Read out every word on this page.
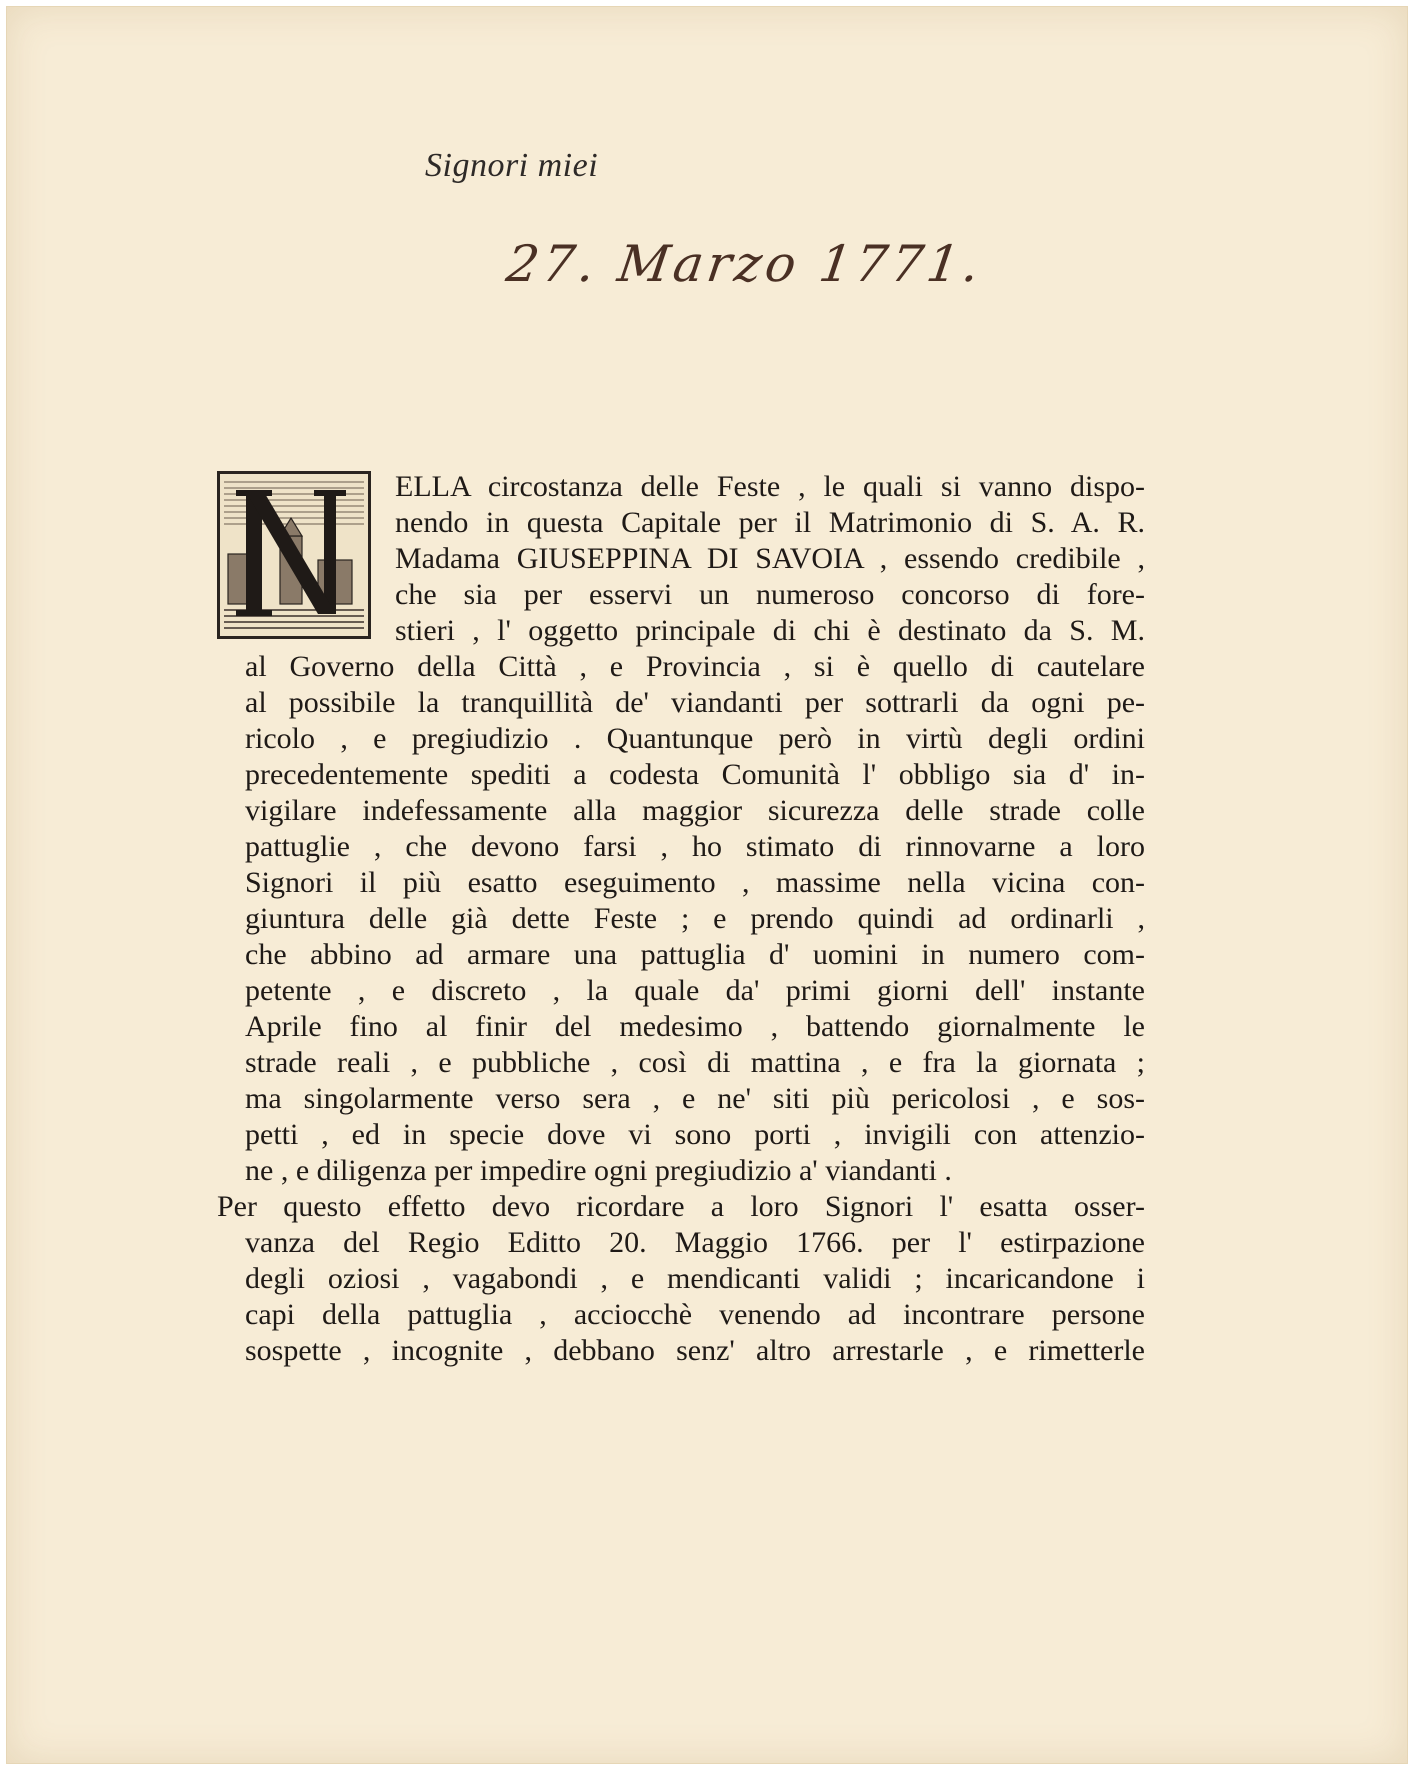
Signori miei
27. Marzo 1771.
ELLA circostanza delle Feste , le quali si vanno dispo-
nendo in questa Capitale per il Matrimonio di S. A. R.
Madama GIUSEPPINA DI SAVOIA , essendo credibile ,
che sia per esservi un numeroso concorso di fore-
stieri , l' oggetto principale di chi è destinato da S. M.
al Governo della Città , e Provincia , si è quello di cautelare
al possibile la tranquillità de' viandanti per sottrarli da ogni pe-
ricolo , e pregiudizio . Quantunque però in virtù degli ordini
precedentemente spediti a codesta Comunità l' obbligo sia d' in-
vigilare indefessamente alla maggior sicurezza delle strade colle
pattuglie , che devono farsi , ho stimato di rinnovarne a loro
Signori il più esatto eseguimento , massime nella vicina con-
giuntura delle già dette Feste ; e prendo quindi ad ordinarli ,
che abbino ad armare una pattuglia d' uomini in numero com-
petente , e discreto , la quale da' primi giorni dell' instante
Aprile fino al finir del medesimo , battendo giornalmente le
strade reali , e pubbliche , così di mattina , e fra la giornata ;
ma singolarmente verso sera , e ne' siti più pericolosi , e sos-
petti , ed in specie dove vi sono porti , invigili con attenzio-
ne , e diligenza per impedire ogni pregiudizio a' viandanti .
Per questo effetto devo ricordare a loro Signori l' esatta osser-
vanza del Regio Editto 20. Maggio 1766. per l' estirpazione
degli oziosi , vagabondi , e mendicanti validi ; incaricandone i
capi della pattuglia , acciocchè venendo ad incontrare persone
sospette , incognite , debbano senz' altro arrestarle , e rimetterle
